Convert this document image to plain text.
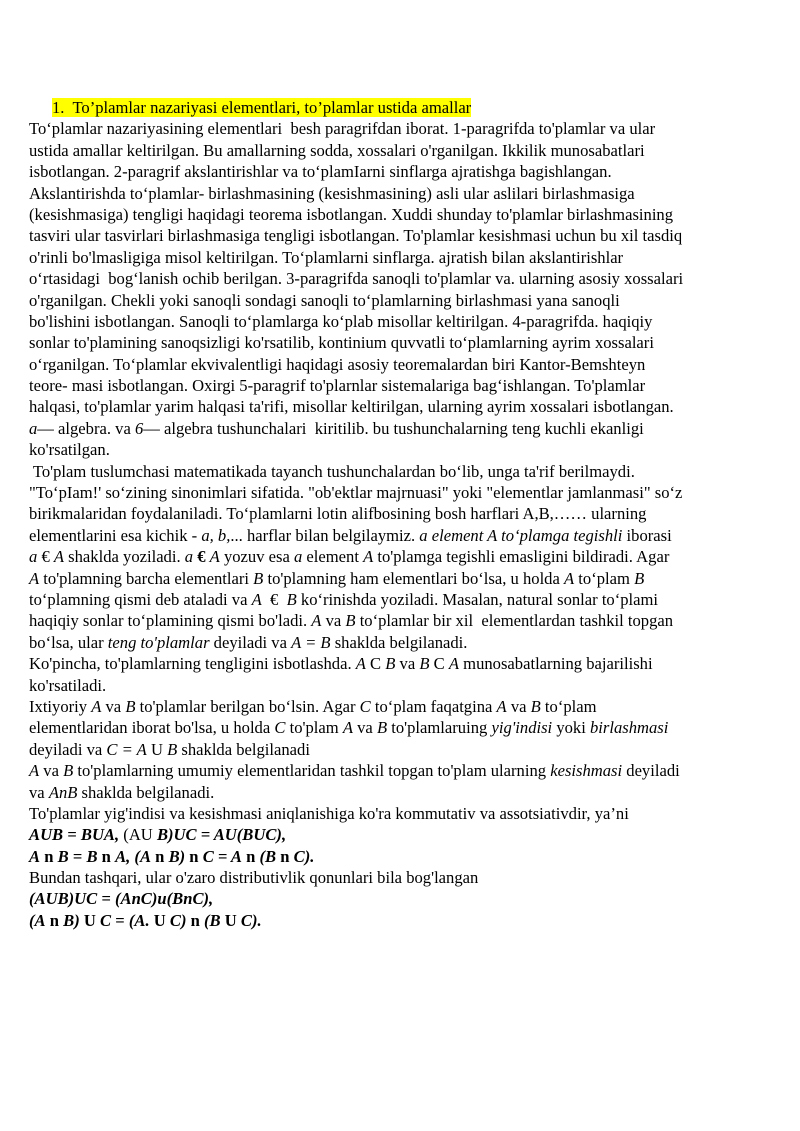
1. To’plamlar nazariyasi elementlari, to’plamlar ustida amallar
To‘plamlar nazariyasining elementlari  besh paragrifdan iborat. 1-paragrifda to'plamlar va ular
ustida amallar keltirilgan. Bu amallarning sodda, xossalari o'rganilgan. Ikkilik munosabatlari
isbotlangan. 2-paragrif akslantirishlar va to‘plamIarni sinflarga ajratishga bagishlangan.
Akslantirishda to‘plamlar- birlashmasining (kesishmasining) asli ular aslilari birlashmasiga
(kesishmasiga) tengligi haqidagi teorema isbotlangan. Xuddi shunday to'plamlar birlashmasining
tasviri ular tasvirlari birlashmasiga tengligi isbotlangan. To'plamlar kesishmasi uchun bu xil tasdiq
o'rinli bo'lmasligiga misol keltirilgan. To‘plamlarni sinflarga. ajratish bilan akslantirishlar
o‘rtasidagi  bog‘lanish ochib berilgan. 3-paragrifda sanoqli to'plamlar va. ularning asosiy xossalari
o'rganilgan. Chekli yoki sanoqli sondagi sanoqli to‘plamlarning birlashmasi yana sanoqli
bo'lishini isbotlangan. Sanoqli to‘plamlarga ko‘plab misollar keltirilgan. 4-paragrifda. haqiqiy
sonlar to'plamining sanoqsizligi ko'rsatilib, kontinium quvvatli to‘plamlarning ayrim xossalari
o‘rganilgan. To‘plamlar ekvivalentligi haqidagi asosiy teoremalardan biri Kantor-Bemshteyn
teore- masi isbotlangan. Oxirgi 5-paragrif to'plarnlar sistemalariga bag‘ishlangan. To'plamlar
halqasi, to'plamlar yarim halqasi ta'rifi, misollar keltirilgan, ularning ayrim xossalari isbotlangan.
a— algebra. va 6— algebra tushunchalari  kiritilib. bu tushunchalarning teng kuchli ekanligi
ko'rsatilgan.
To'plam tuslumchasi matematikada tayanch tushunchalardan bo‘lib, unga ta'rif berilmaydi.
"To‘pIam!' so‘zining sinonimlari sifatida. "ob'ektlar majrnuasi" yoki "elementlar jamlanmasi" so‘z
birikmalaridan foydalaniladi. To‘plamlarni lotin alifbosining bosh harflari A,B,…… ularning
elementlarini esa kichik - a, b,... harflar bilan belgilaymiz. a element A to‘plamga tegishli iborasi
a € A shaklda yoziladi. a € A yozuv esa a element A to'plamga tegishli emasligini bildiradi. Agar
A to'plamning barcha elementlari B to'plamning ham elementlari bo‘lsa, u holda A to‘plam B
to‘plamning qismi deb ataladi va A  €  B ko‘rinishda yoziladi. Masalan, natural sonlar to‘plami
haqiqiy sonlar to‘plamining qismi bo'ladi. A va B to‘plamlar bir xil  elementlardan tashkil topgan
bo‘lsa, ular teng to'plamlar deyiladi va A = B shaklda belgilanadi.
Ko'pincha, to'plamlarning tengligini isbotlashda. A C B va B C A munosabatlarning bajarilishi
ko'rsatiladi.
Ixtiyoriy A va B to'plamlar berilgan bo‘lsin. Agar C to‘plam faqatgina A va B to‘plam
elementlaridan iborat bo'lsa, u holda C to'plam A va B to'plamlaruing yig'indisi yoki birlashmasi
deyiladi va C = A U B shaklda belgilanadi
A va B to'plamlarning umumiy elementlaridan tashkil topgan to'plam ularning kesishmasi deyiladi
va AnB shaklda belgilanadi.
To'plamlar yig'indisi va kesishmasi aniqlanishiga ko'ra kommutativ va assotsiativdir, ya’ni
AUB = BUA, (AU B)UC = AU(BUC),
A n B = B n A, (A n B) n C = A n (B n C).
Bundan tashqari, ular o'zaro distributivlik qonunlari bila bog'langan
(AUB)UC = (AnC)u(BnC),
(A n B) U C = (A. U C) n (B U C).
